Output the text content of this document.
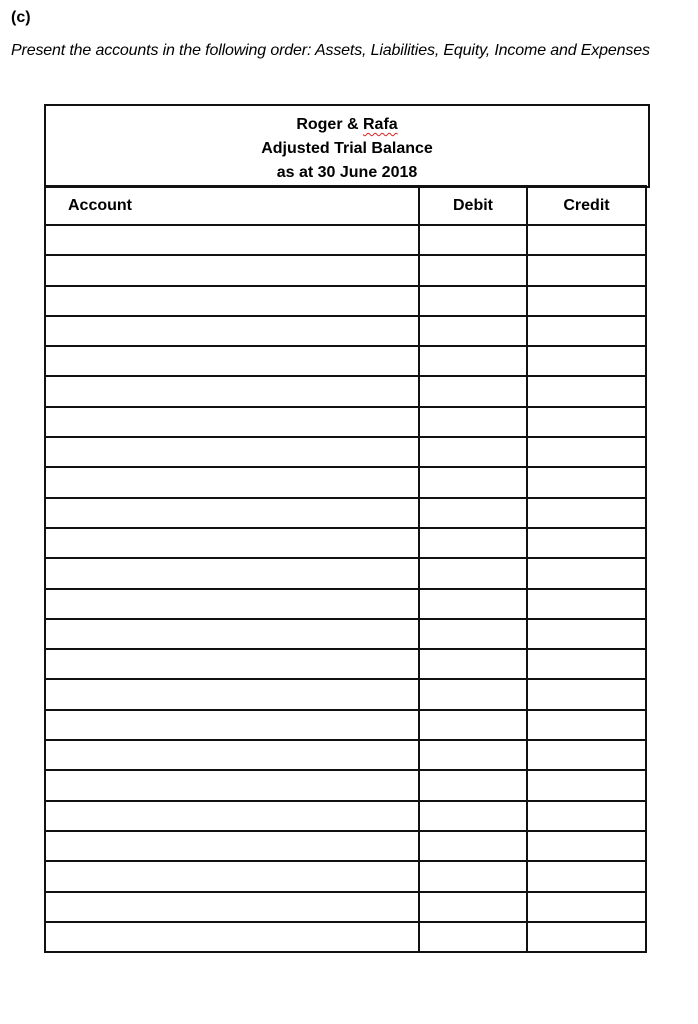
(c)
Present the accounts in the following order: Assets, Liabilities, Equity, Income and Expenses
Roger & Rafa
Adjusted Trial Balance
as at 30 June 2018
Account	Debit	Credit
